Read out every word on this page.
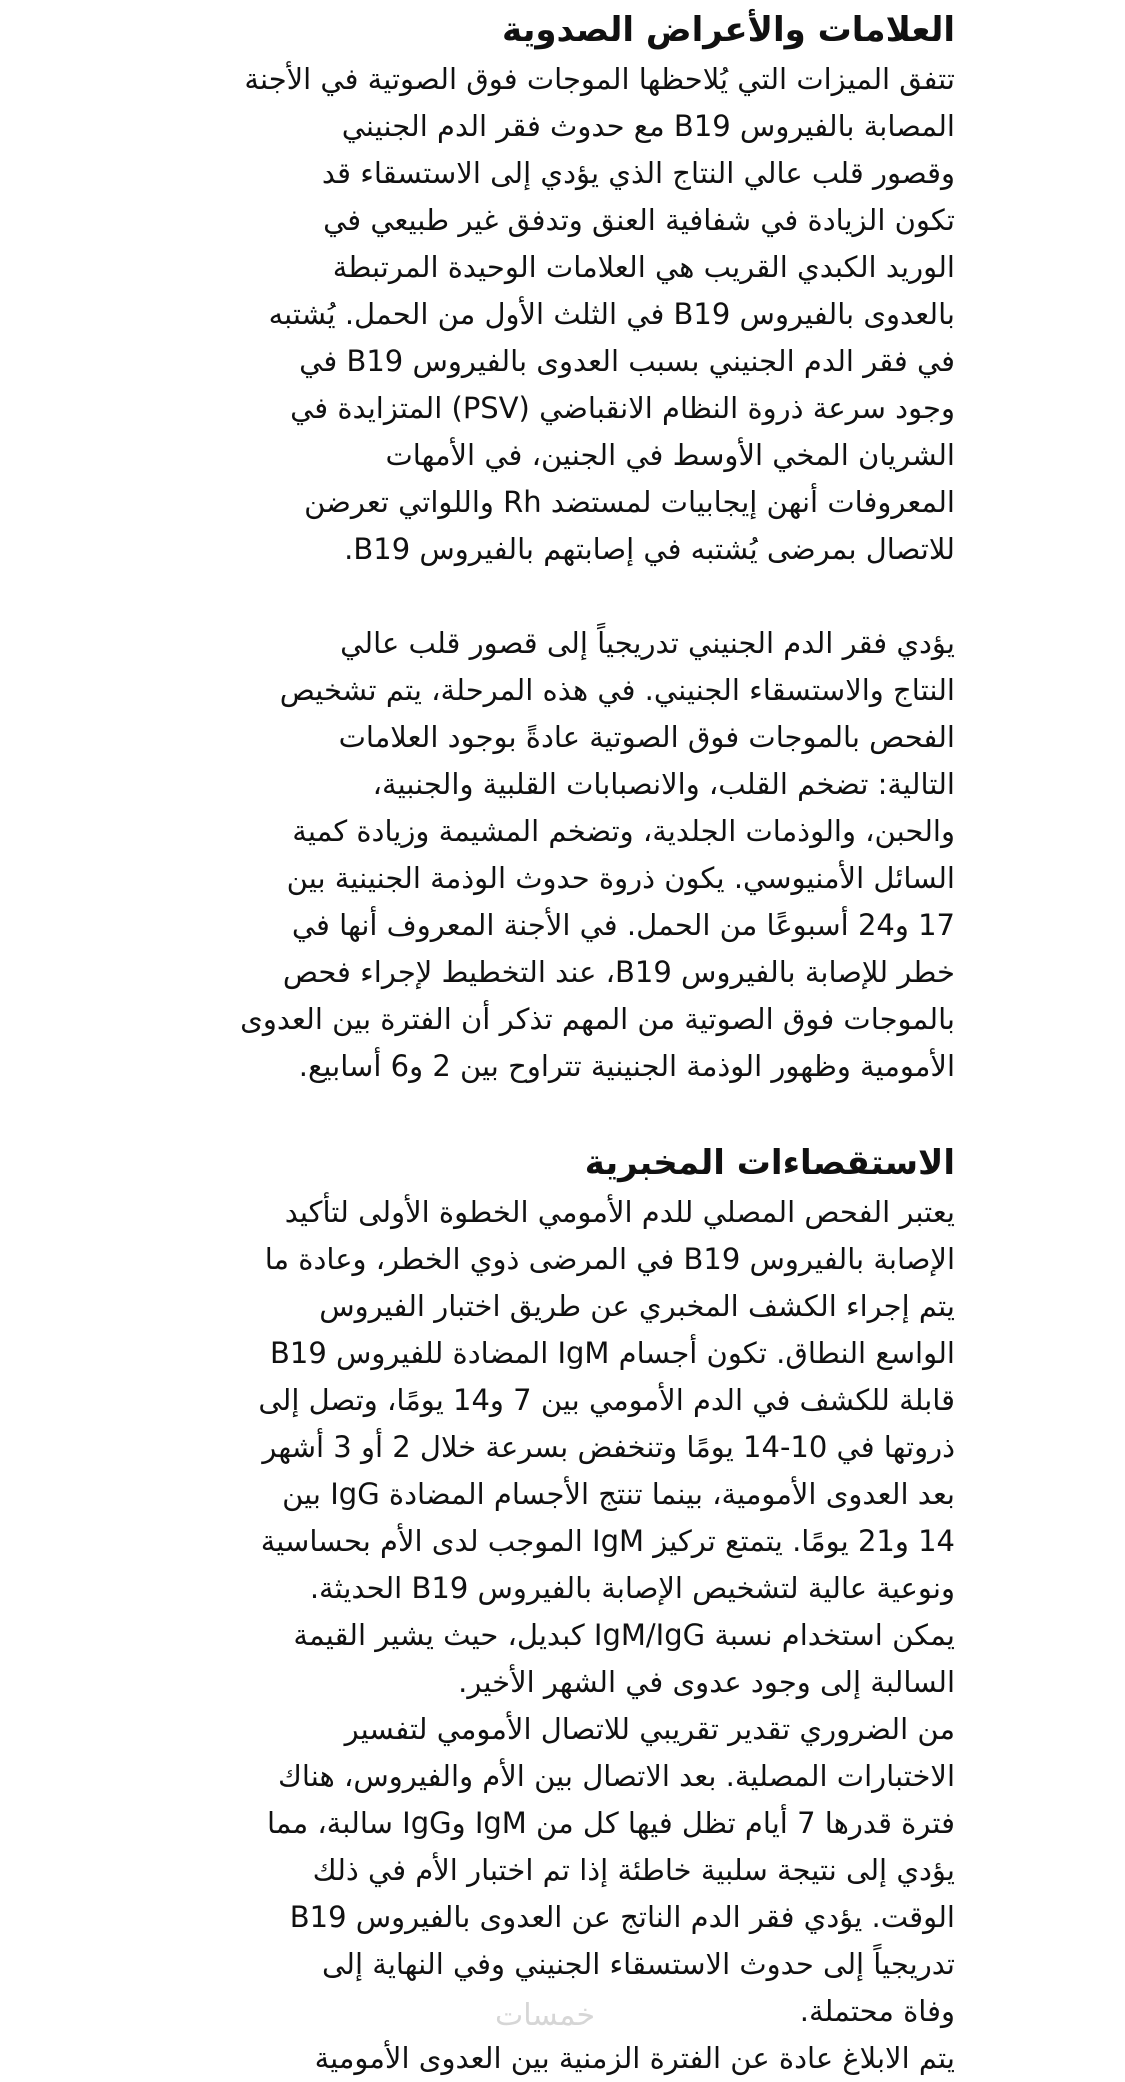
العلامات والأعراض الصدوية
تتفق الميزات التي يُلاحظها الموجات فوق الصوتية في الأجنة
المصابة بالفيروس B19 مع حدوث فقر الدم الجنيني
وقصور قلب عالي النتاج الذي يؤدي إلى الاستسقاء قد
تكون الزيادة في شفافية العنق وتدفق غير طبيعي في
الوريد الكبدي القريب هي العلامات الوحيدة المرتبطة
بالعدوى بالفيروس B19 في الثلث الأول من الحمل. يُشتبه
في فقر الدم الجنيني بسبب العدوى بالفيروس B19 في
وجود سرعة ذروة النظام الانقباضي (PSV) المتزايدة في
الشريان المخي الأوسط في الجنين، في الأمهات
المعروفات أنهن إيجابيات لمستضد Rh واللواتي تعرضن
للاتصال بمرضى يُشتبه في إصابتهم بالفيروس B19.
يؤدي فقر الدم الجنيني تدريجياً إلى قصور قلب عالي
النتاج والاستسقاء الجنيني. في هذه المرحلة، يتم تشخيص
الفحص بالموجات فوق الصوتية عادةً بوجود العلامات
التالية: تضخم القلب، والانصبابات القلبية والجنبية،
والحبن، والوذمات الجلدية، وتضخم المشيمة وزيادة كمية
السائل الأمنيوسي. يكون ذروة حدوث الوذمة الجنينية بين
17 و24 أسبوعًا من الحمل. في الأجنة المعروف أنها في
خطر للإصابة بالفيروس B19، عند التخطيط لإجراء فحص
بالموجات فوق الصوتية من المهم تذكر أن الفترة بين العدوى
الأمومية وظهور الوذمة الجنينية تتراوح بين 2 و6 أسابيع.
الاستقصاءات المخبرية
يعتبر الفحص المصلي للدم الأمومي الخطوة الأولى لتأكيد
الإصابة بالفيروس B19 في المرضى ذوي الخطر، وعادة ما
يتم إجراء الكشف المخبري عن طريق اختبار الفيروس
الواسع النطاق. تكون أجسام IgM المضادة للفيروس B19
قابلة للكشف في الدم الأمومي بين 7 و14 يومًا، وتصل إلى
ذروتها في 10-14 يومًا وتنخفض بسرعة خلال 2 أو 3 أشهر
بعد العدوى الأمومية، بينما تنتج الأجسام المضادة IgG بين
14 و21 يومًا. يتمتع تركيز IgM الموجب لدى الأم بحساسية
ونوعية عالية لتشخيص الإصابة بالفيروس B19 الحديثة.
يمكن استخدام نسبة IgM/IgG كبديل، حيث يشير القيمة
السالبة إلى وجود عدوى في الشهر الأخير.
من الضروري تقدير تقريبي للاتصال الأمومي لتفسير
الاختبارات المصلية. بعد الاتصال بين الأم والفيروس، هناك
فترة قدرها 7 أيام تظل فيها كل من IgM وIgG سالبة، مما
يؤدي إلى نتيجة سلبية خاطئة إذا تم اختبار الأم في ذلك
الوقت. يؤدي فقر الدم الناتج عن العدوى بالفيروس B19
تدريجياً إلى حدوث الاستسقاء الجنيني وفي النهاية إلى
وفاة محتملة.
يتم الابلاغ عادة عن الفترة الزمنية بين العدوى الأمومية
خمسات
